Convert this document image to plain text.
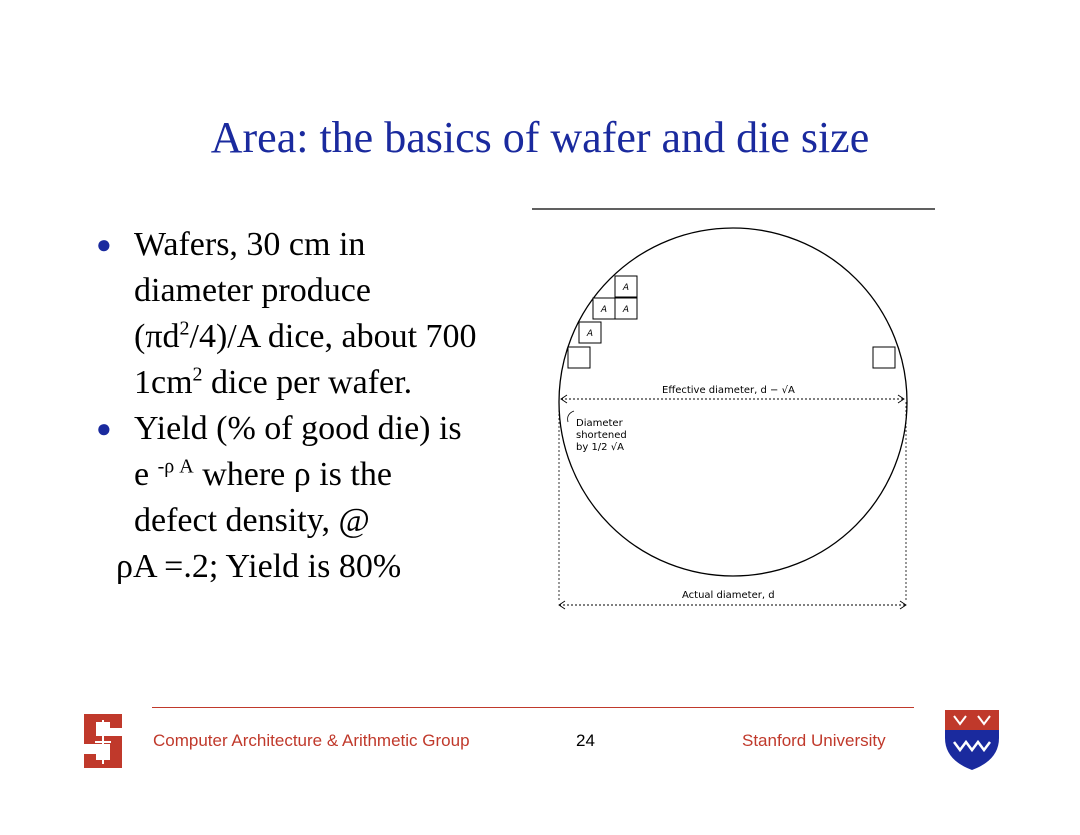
Area: the basics of wafer and die size
● Wafers, 30 cm in
diameter produce
$(\pi d^2/4)/A$ dice, about 700
$1cm^2$ dice per wafer.
● Yield (% of good die) is
e $^{-\rho A}$ where ρ is the
defect density, @
ρA =.2; Yield is 80%
A
A A
A
Effective diameter, d − √A
Diameter
shortened
by 1/2 √A
Actual diameter, d
Computer Architecture & Arithmetic Group	24	Stanford University
